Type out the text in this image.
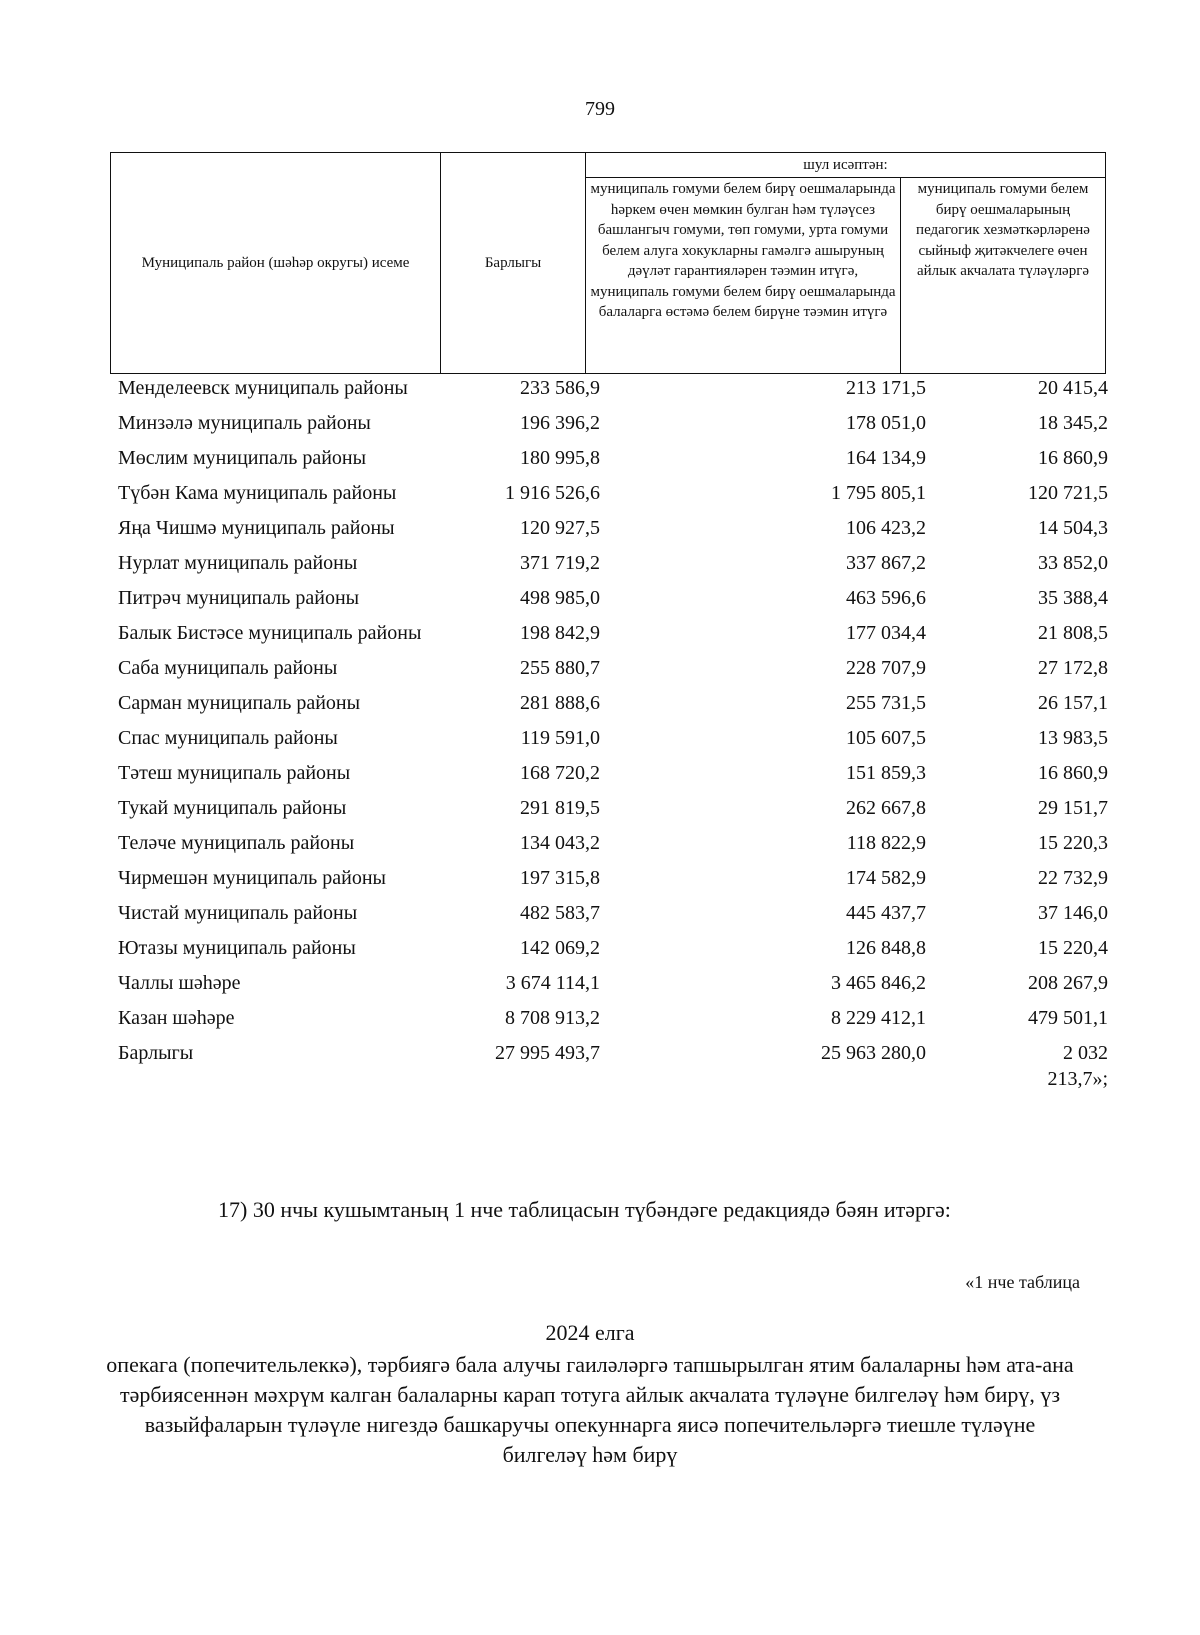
799
Муниципаль район (шәһәр округы) исеме	Барлыгы	шул исәптән:	
		муниципаль гомуми белем бирү оешмаларында һәркем өчен мөмкин булган һәм түләүсез башлангыч гомуми, төп гомуми, урта гомуми белем алуга хокукларны гамәлгә ашыруның дәүләт гарантияләрен тәэмин итүгә, муниципаль гомуми белем бирү оешмаларында балаларга өстәмә белем бирүне тәэмин итүгә	муниципаль гомуми белем бирү оешмаларының педагогик хезмәткәрләренә сыйныф җитәкчелеге өчен айлык акчалата түләүләргә
Менделеевск муниципаль районы	233 586,9	213 171,5	20 415,4
Минзәлә муниципаль районы	196 396,2	178 051,0	18 345,2
Мөслим муниципаль районы	180 995,8	164 134,9	16 860,9
Түбән Кама муниципаль районы	1 916 526,6	1 795 805,1	120 721,5
Яңа Чишмә муниципаль районы	120 927,5	106 423,2	14 504,3
Нурлат муниципаль районы	371 719,2	337 867,2	33 852,0
Питрәч муниципаль районы	498 985,0	463 596,6	35 388,4
Балык Бистәсе муниципаль районы	198 842,9	177 034,4	21 808,5
Саба муниципаль районы	255 880,7	228 707,9	27 172,8
Сарман муниципаль районы	281 888,6	255 731,5	26 157,1
Спас муниципаль районы	119 591,0	105 607,5	13 983,5
Тәтеш муниципаль районы	168 720,2	151 859,3	16 860,9
Тукай муниципаль районы	291 819,5	262 667,8	29 151,7
Теләче муниципаль районы	134 043,2	118 822,9	15 220,3
Чирмешән муниципаль районы	197 315,8	174 582,9	22 732,9
Чистай муниципаль районы	482 583,7	445 437,7	37 146,0
Ютазы муниципаль районы	142 069,2	126 848,8	15 220,4
Чаллы шәһәре	3 674 114,1	3 465 846,2	208 267,9
Казан шәһәре	8 708 913,2	8 229 412,1	479 501,1
Барлыгы	27 995 493,7	25 963 280,0	2 032
213,7»;
17) 30 нчы кушымтаның 1 нче таблицасын түбәндәге редакциядә бәян итәргә:
«1 нче таблица
2024 елга
опекага (попечительлеккә), тәрбиягә бала алучы гаиләләргә тапшырылган ятим балаларны һәм ата-ана тәрбиясеннән мәхрүм калган балаларны карап тотуга айлык акчалата түләүне билгеләү һәм бирү, үз вазыйфаларын түләүле нигездә башкаручы опекуннарга яисә попечительләргә тиешле түләүне билгеләү һәм бирү
